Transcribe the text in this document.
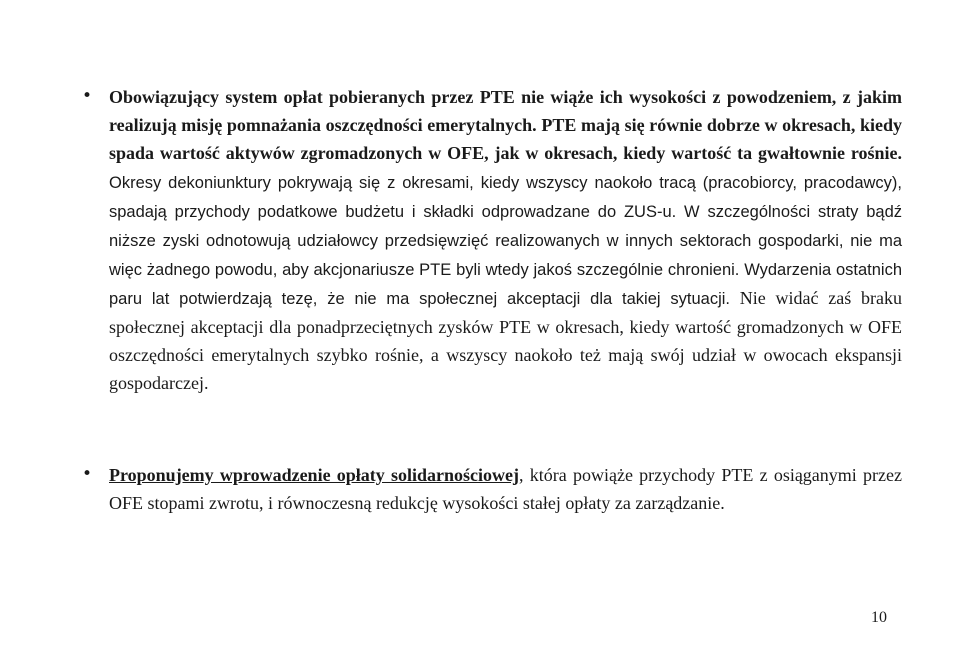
• Obowiązujący system opłat pobieranych przez PTE nie wiąże ich wysokości z powodzeniem, z jakim realizują misję pomnażania oszczędności emerytalnych. PTE mają się równie dobrze w okresach, kiedy spada wartość aktywów zgromadzonych w OFE, jak w okresach, kiedy wartość ta gwałtownie rośnie. Okresy dekoniunktury pokrywają się z okresami, kiedy wszyscy naokoło tracą (pracobiorcy, pracodawcy), spadają przychody podatkowe budżetu i składki odprowadzane do ZUS-u. W szczególności straty bądź niższe zyski odnotowują udziałowcy przedsięwzięć realizowanych w innych sektorach gospodarki, nie ma więc żadnego powodu, aby akcjonariusze PTE byli wtedy jakoś szczególnie chronieni. Wydarzenia ostatnich paru lat potwierdzają tezę, że nie ma społecznej akceptacji dla takiej sytuacji. Nie widać zaś braku społecznej akceptacji dla ponadprzeciętnych zysków PTE w okresach, kiedy wartość gromadzonych w OFE oszczędności emerytalnych szybko rośnie, a wszyscy naokoło też mają swój udział w owocach ekspansji gospodarczej.
• Proponujemy wprowadzenie opłaty solidarnościowej, która powiąże przychody PTE z osiąganymi przez OFE stopami zwrotu, i równoczesną redukcję wysokości stałej opłaty za zarządzanie.
10
